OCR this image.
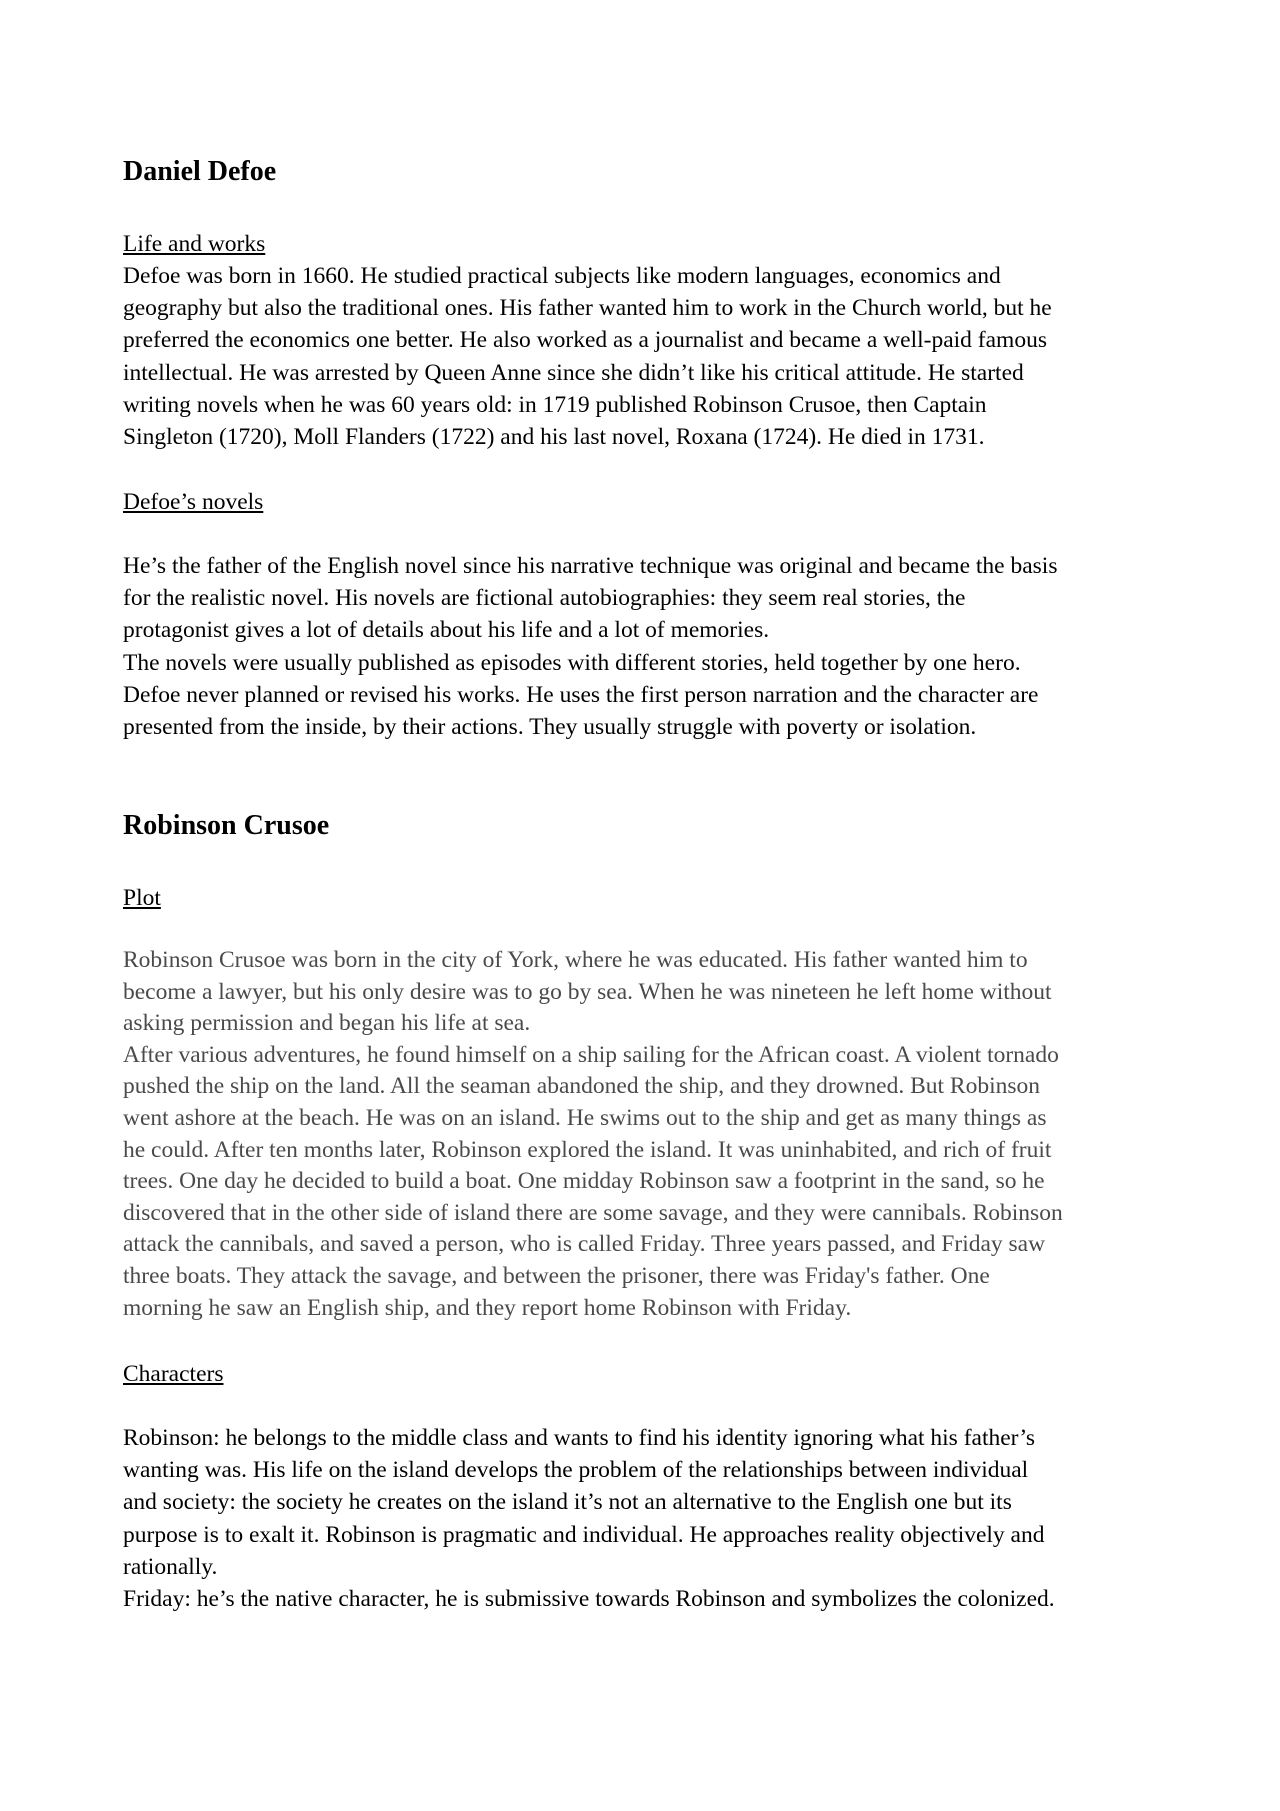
Daniel Defoe

Life and works

Defoe was born in 1660. He studied practical subjects like modern languages, economics and
geography but also the traditional ones. His father wanted him to work in the Church world, but he
preferred the economics one better. He also worked as a journalist and became a well-paid famous
intellectual. He was arrested by Queen Anne since she didn’t like his critical attitude. He started
writing novels when he was 60 years old: in 1719 published Robinson Crusoe, then Captain
Singleton (1720), Moll Flanders (1722) and his last novel, Roxana (1724). He died in 1731.

Defoe’s novels

He’s the father of the English novel since his narrative technique was original and became the basis
for the realistic novel. His novels are fictional autobiographies: they seem real stories, the
protagonist gives a lot of details about his life and a lot of memories.
The novels were usually published as episodes with different stories, held together by one hero.
Defoe never planned or revised his works. He uses the first person narration and the character are
presented from the inside, by their actions. They usually struggle with poverty or isolation.
Robinson Crusoe

Plot

Robinson Crusoe was born in the city of York, where he was educated. His father wanted him to
become a lawyer, but his only desire was to go by sea. When he was nineteen he left home without
asking permission and began his life at sea.
After various adventures, he found himself on a ship sailing for the African coast. A violent tornado
pushed the ship on the land. All the seaman abandoned the ship, and they drowned. But Robinson
went ashore at the beach. He was on an island. He swims out to the ship and get as many things as
he could. After ten months later, Robinson explored the island. It was uninhabited, and rich of fruit
trees. One day he decided to build a boat. One midday Robinson saw a footprint in the sand, so he
discovered that in the other side of island there are some savage, and they were cannibals. Robinson
attack the cannibals, and saved a person, who is called Friday. Three years passed, and Friday saw
three boats. They attack the savage, and between the prisoner, there was Friday's father. One
morning he saw an English ship, and they report home Robinson with Friday.

Characters

Robinson: he belongs to the middle class and wants to find his identity ignoring what his father’s
wanting was. His life on the island develops the problem of the relationships between individual
and society: the society he creates on the island it’s not an alternative to the English one but its
purpose is to exalt it. Robinson is pragmatic and individual. He approaches reality objectively and
rationally.
Friday: he’s the native character, he is submissive towards Robinson and symbolizes the colonized.
